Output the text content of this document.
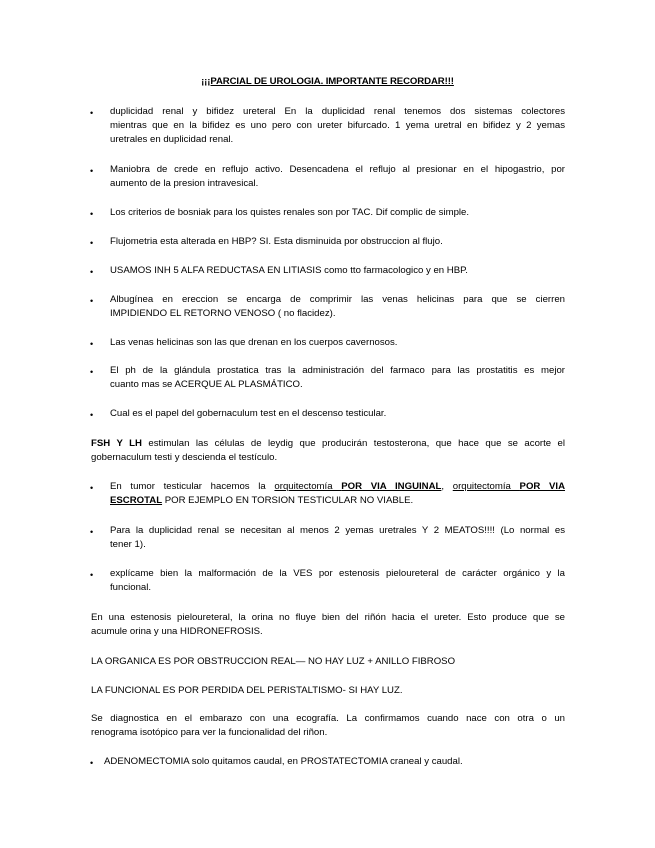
¡¡¡PARCIAL DE UROLOGIA. IMPORTANTE RECORDAR!!!
•	duplicidad renal y bifidez ureteral En la duplicidad renal tenemos dos sistemas colectores
mientras que en la bifidez es uno pero con ureter bifurcado. 1 yema uretral en bifidez y 2 yemas
uretrales en duplicidad renal.
•	Maniobra de crede en reflujo activo. Desencadena el reflujo al presionar en el hipogastrio, por
aumento de la presion intravesical.
•	Los criterios de bosniak para los quistes renales son por TAC. Dif complic de simple.
•	Flujometria esta alterada en HBP? SI. Esta disminuida por obstruccion al flujo.
•	USAMOS INH 5 ALFA REDUCTASA EN LITIASIS como tto farmacologico y en HBP.
•	Albugínea en ereccion se encarga de comprimir las venas helicinas para que se cierren
IMPIDIENDO EL RETORNO VENOSO ( no flacidez).
•	Las venas helicinas son las que drenan en los cuerpos cavernosos.
•	El ph de la glándula prostatica tras la administración del farmaco para las prostatitis es mejor
cuanto mas se ACERQUE AL PLASMÁTICO.
•	Cual es el papel del gobernaculum test en el descenso testicular.
FSH Y LH estimulan las células de leydig que producirán testosterona, que hace que se acorte el
gobernaculum testi y descienda el testículo.
•	En tumor testicular hacemos la orquitectomía POR VIA INGUINAL, orquitectomía POR VIA
ESCROTAL POR EJEMPLO EN TORSION TESTICULAR NO VIABLE.
•	Para la duplicidad renal se necesitan al menos 2 yemas uretrales Y 2 MEATOS!!!! (Lo normal es
tener 1).
•	explícame bien la malformación de la VES por estenosis pieloureteral de carácter orgánico y la
funcional.
En una estenosis pieloureteral, la orina no fluye bien del riñón hacia el ureter. Esto produce que se
acumule orina y una HIDRONEFROSIS.
LA ORGANICA ES POR OBSTRUCCION REAL— NO HAY LUZ + ANILLO FIBROSO
LA FUNCIONAL ES POR PERDIDA DEL PERISTALTISMO- SI HAY LUZ.
Se diagnostica en el embarazo con una ecografía. La confirmamos cuando nace con otra o un
renograma isotópico para ver la funcionalidad del riñon.
•	ADENOMECTOMIA solo quitamos caudal, en PROSTATECTOMIA craneal y caudal.
